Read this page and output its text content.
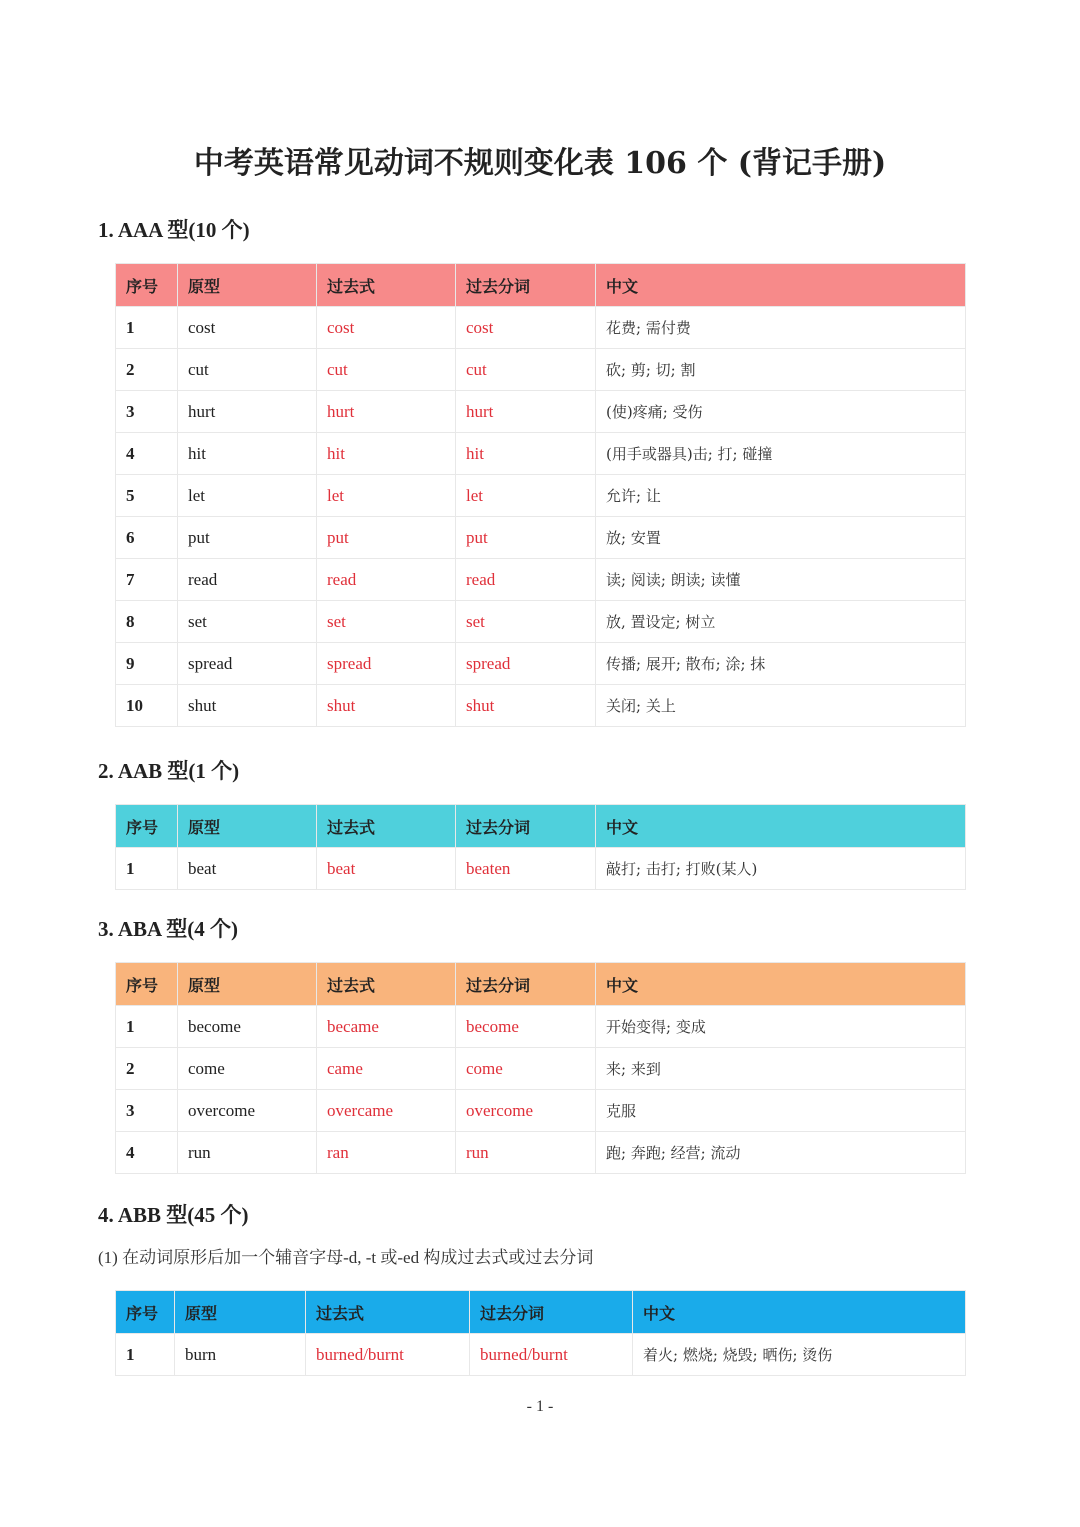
中考英语常见动词不规则变化表 106 个 (背记手册)
1. AAA 型(10 个)
序号	原型	过去式	过去分词	中文
1	cost	cost	cost	花费; 需付费
2	cut	cut	cut	砍; 剪; 切; 割
3	hurt	hurt	hurt	(使)疼痛; 受伤
4	hit	hit	hit	(用手或器具)击; 打; 碰撞
5	let	let	let	允许; 让
6	put	put	put	放; 安置
7	read	read	read	读; 阅读; 朗读; 读懂
8	set	set	set	放, 置设定; 树立
9	spread	spread	spread	传播; 展开; 散布; 涂; 抹
10	shut	shut	shut	关闭; 关上
2. AAB 型(1 个)
序号	原型	过去式	过去分词	中文
1	beat	beat	beaten	敲打; 击打; 打败(某人)
3. ABA 型(4 个)
序号	原型	过去式	过去分词	中文
1	become	became	become	开始变得; 变成
2	come	came	come	来; 来到
3	overcome	overcame	overcome	克服
4	run	ran	run	跑; 奔跑; 经营; 流动
4. ABB 型(45 个)
(1) 在动词原形后加一个辅音字母-d, -t 或-ed 构成过去式或过去分词
序号	原型	过去式	过去分词	中文
1	burn	burned/burnt	burned/burnt	着火; 燃烧; 烧毁; 晒伤; 烫伤
- 1 -
